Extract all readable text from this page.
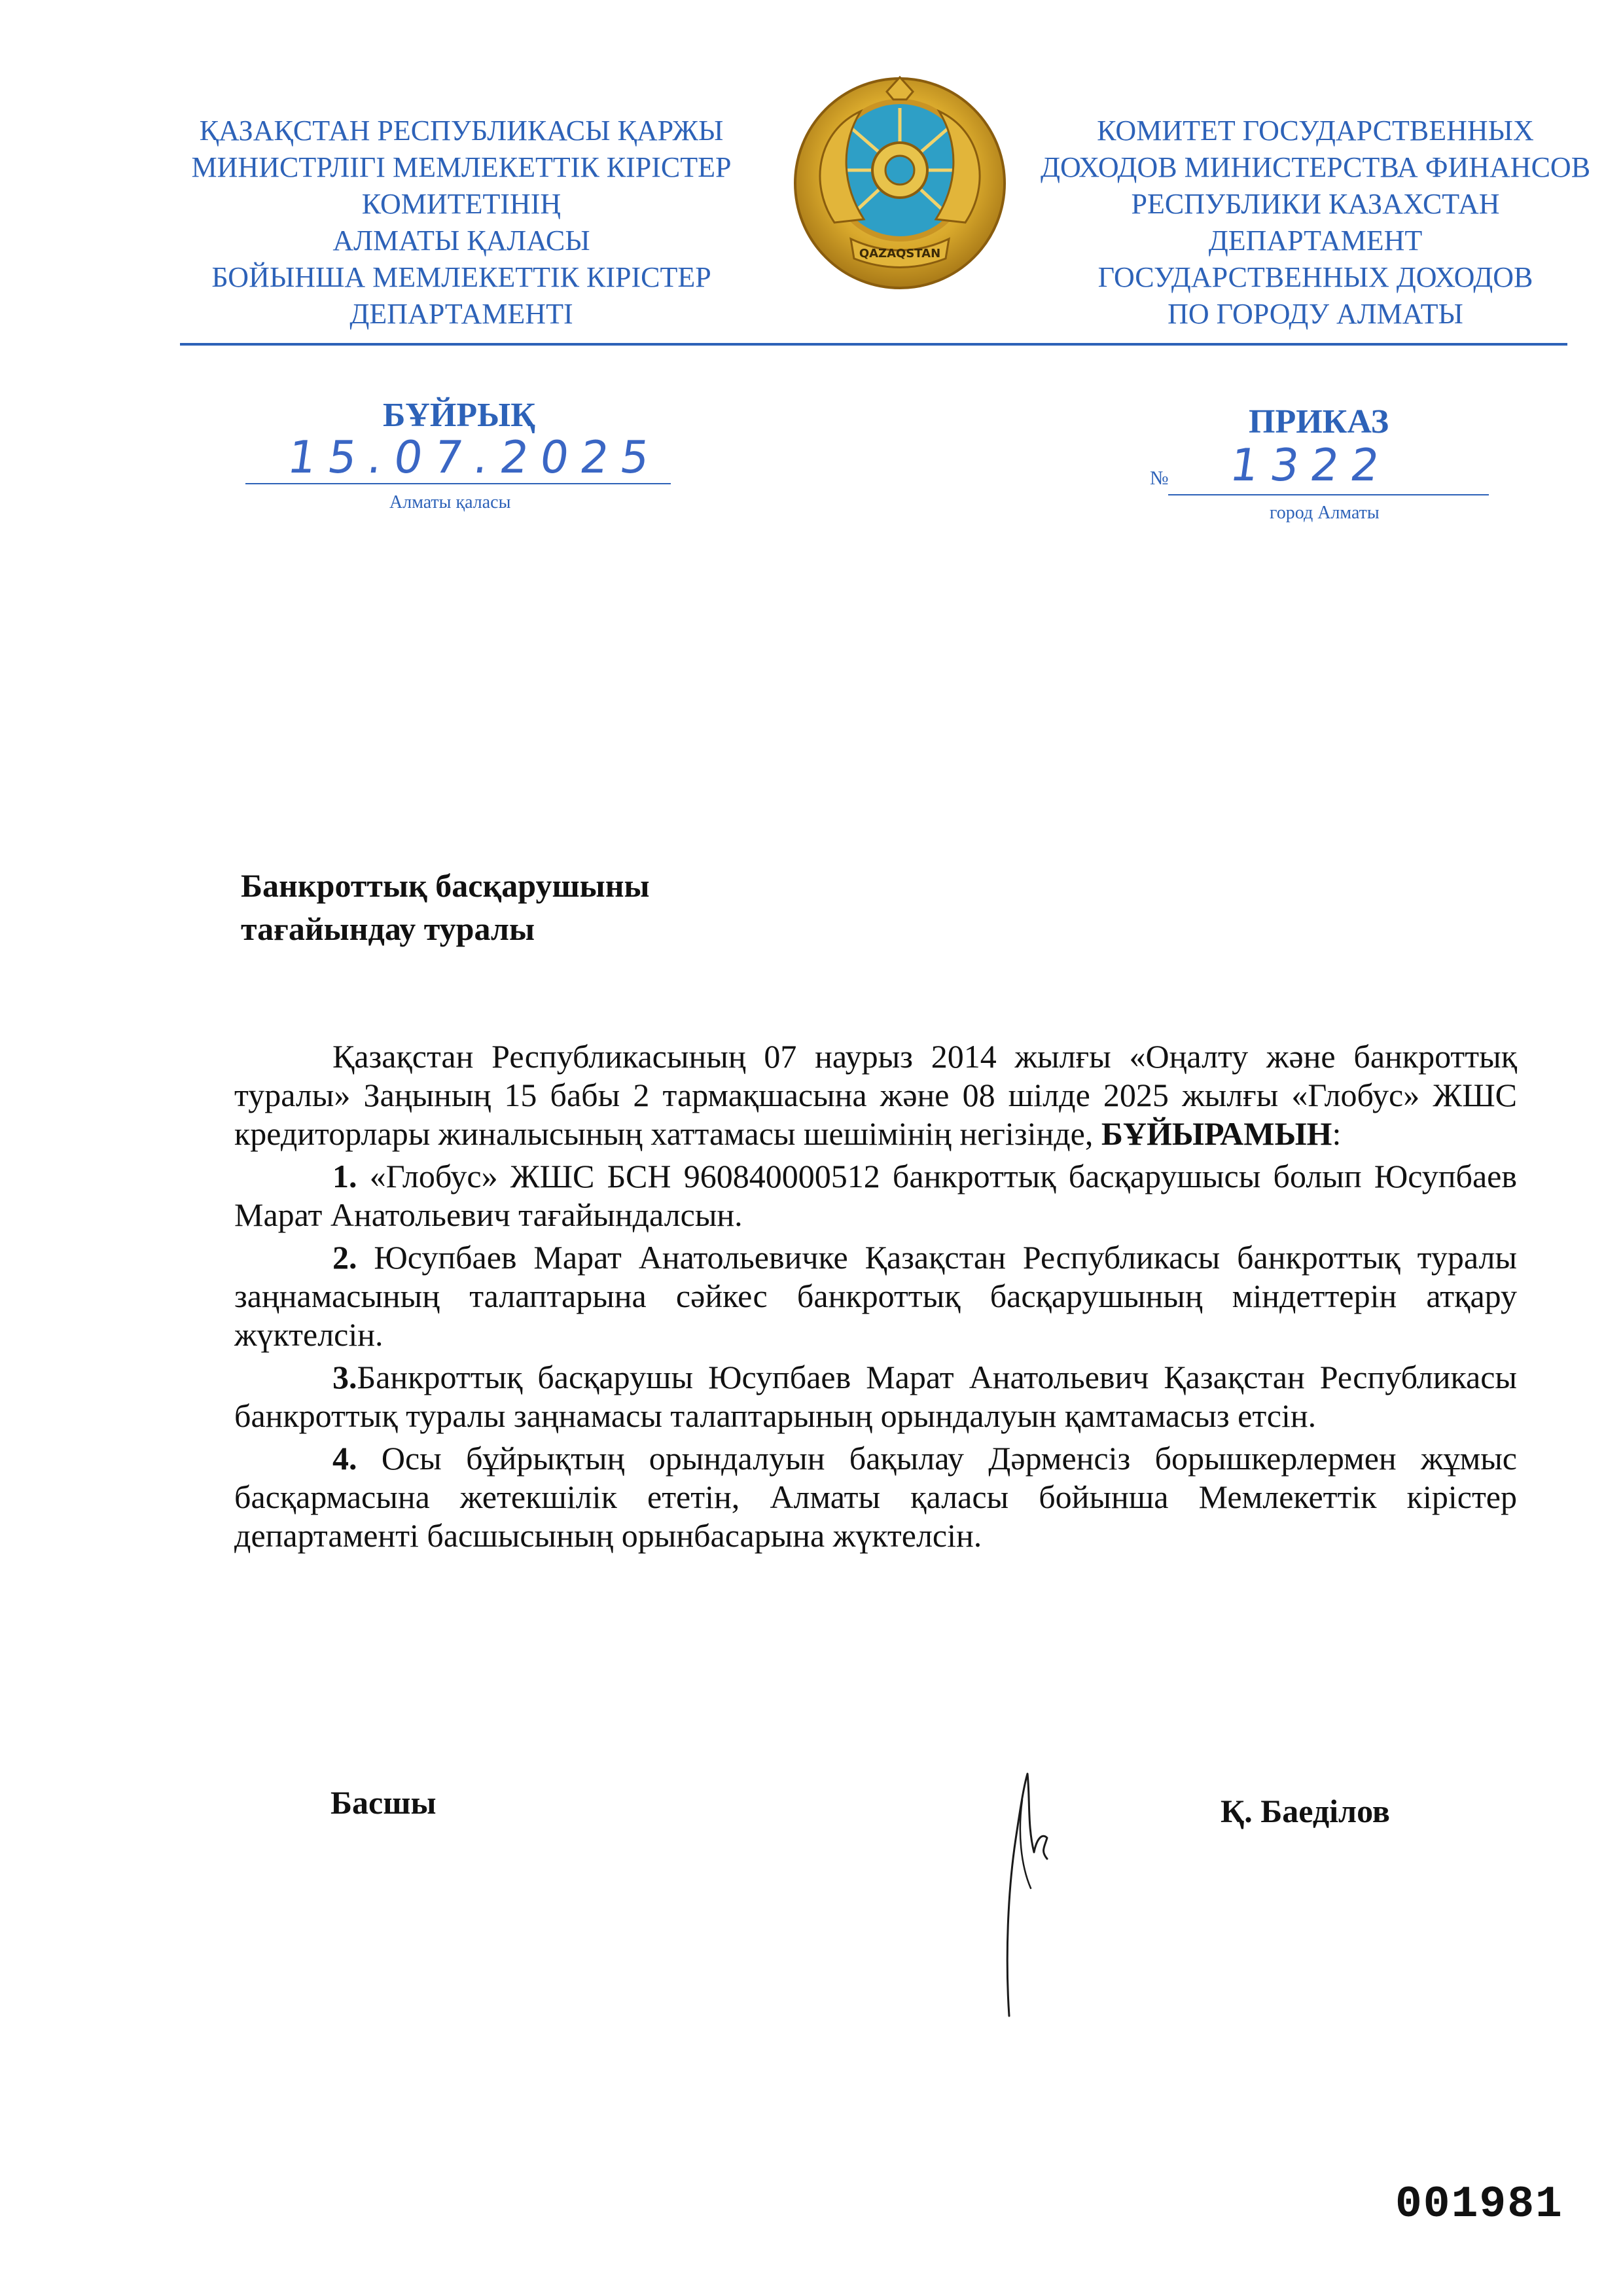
ҚАЗАҚСТАН РЕСПУБЛИКАСЫ ҚАРЖЫ
МИНИСТРЛІГІ МЕМЛЕКЕТТІК КІРІСТЕР
КОМИТЕТІНІҢ
АЛМАТЫ ҚАЛАСЫ
БОЙЫНША МЕМЛЕКЕТТІК КІРІСТЕР
ДЕПАРТАМЕНТІ
QAZAQSTAN
КОМИТЕТ ГОСУДАРСТВЕННЫХ
ДОХОДОВ МИНИСТЕРСТВА ФИНАНСОВ
РЕСПУБЛИКИ КАЗАХСТАН
ДЕПАРТАМЕНТ
ГОСУДАРСТВЕННЫХ ДОХОДОВ
ПО ГОРОДУ АЛМАТЫ
БҰЙРЫҚ	ПРИКАЗ
15.07.2025
Алматы қаласы
№ 1322
город Алматы
Банкроттық басқарушыны
тағайындау туралы

Қазақстан Республикасының 07 наурыз 2014 жылғы «Оңалту және банкроттық туралы» Заңының 15 бабы 2 тармақшасына және 08 шілде 2025 жылғы «Глобус» ЖШС кредиторлары жиналысының хаттамасы шешімінің негізінде, БҰЙЫРАМЫН:

1. «Глобус» ЖШС БСН 960840000512 банкроттық басқарушысы болып Юсупбаев Марат Анатольевич тағайындалсын.

2. Юсупбаев Марат Анатольевичке Қазақстан Республикасы банкроттық туралы заңнамасының талаптарына сәйкес банкроттық басқарушының міндеттерін атқару жүктелсін.

3.Банкроттық басқарушы Юсупбаев Марат Анатольевич Қазақстан Республикасы банкроттық туралы заңнамасы талаптарының орындалуын қамтамасыз етсін.

4. Осы бұйрықтың орындалуын бақылау Дәрменсіз борышкерлермен жұмыс басқармасына жетекшілік ететін, Алматы қаласы бойынша Мемлекеттік кірістер департаменті басшысының орынбасарына жүктелсін.

Басшы	Қ. Баеділов
001981
